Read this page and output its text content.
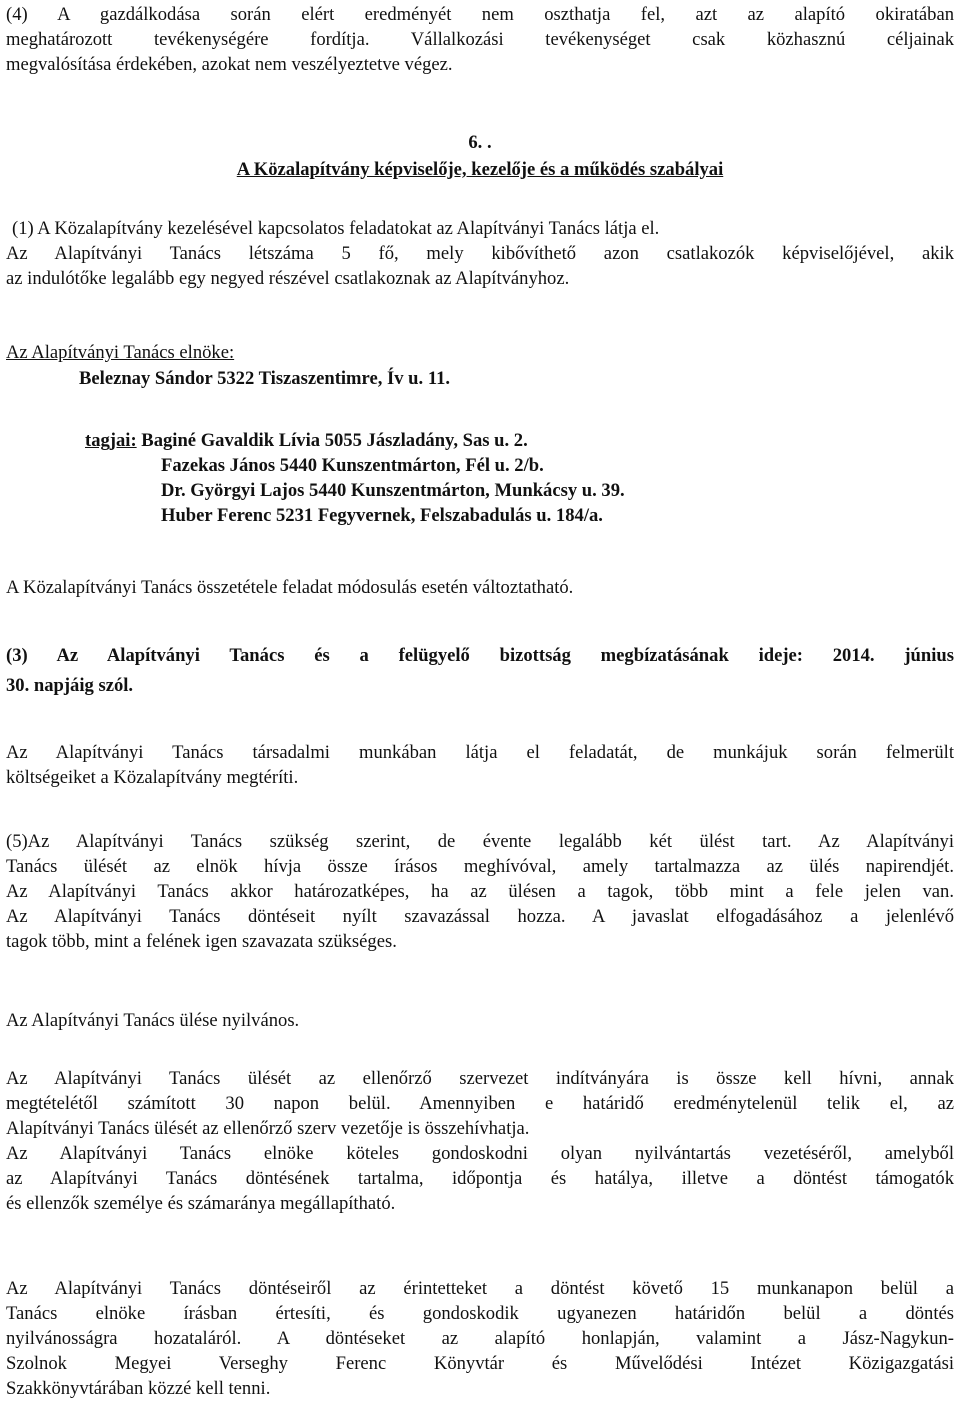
(4) A gazdálkodása során elért eredményét nem oszthatja fel, azt az alapító okiratában
meghatározott tevékenységére fordítja. Vállalkozási tevékenységet csak közhasznú céljainak
megvalósítása érdekében, azokat nem veszélyeztetve végez.
6. .
A Közalapítvány képviselője, kezelője és a működés szabályai
(1) A Közalapítvány kezelésével kapcsolatos feladatokat az Alapítványi Tanács látja el.
Az Alapítványi Tanács létszáma 5 fő, mely kibővíthető azon csatlakozók képviselőjével, akik
az indulótőke legalább egy negyed részével csatlakoznak az Alapítványhoz.
Az Alapítványi Tanács elnöke:
Beleznay Sándor 5322 Tiszaszentimre, Ív u. 11.
tagjai: Baginé Gavaldik Lívia 5055 Jászladány, Sas u. 2.
Fazekas János 5440 Kunszentmárton, Fél u. 2/b.
Dr. Györgyi Lajos 5440 Kunszentmárton, Munkácsy u. 39.
Huber Ferenc 5231 Fegyvernek, Felszabadulás u. 184/a.
A Közalapítványi Tanács összetétele feladat módosulás esetén változtatható.
(3) Az Alapítványi Tanács és a felügyelő bizottság megbízatásának ideje: 2014. június
30. napjáig szól.
Az Alapítványi Tanács társadalmi munkában látja el feladatát, de munkájuk során felmerült
költségeiket a Közalapítvány megtéríti.
(5)Az Alapítványi Tanács szükség szerint, de évente legalább két ülést tart. Az Alapítványi
Tanács ülését az elnök hívja össze írásos meghívóval, amely tartalmazza az ülés napirendjét.
Az Alapítványi Tanács akkor határozatképes, ha az ülésen a tagok, több mint a fele jelen van.
Az Alapítványi Tanács döntéseit nyílt szavazással hozza. A javaslat elfogadásához a jelenlévő
tagok több, mint a felének igen szavazata szükséges.
Az Alapítványi Tanács ülése nyilvános.
Az Alapítványi Tanács ülését az ellenőrző szervezet indítványára is össze kell hívni, annak
megtételétől számított 30 napon belül. Amennyiben e határidő eredménytelenül telik el, az
Alapítványi Tanács ülését az ellenőrző szerv vezetője is összehívhatja.
Az Alapítványi Tanács elnöke köteles gondoskodni olyan nyilvántartás vezetéséről, amelyből
az Alapítványi Tanács döntésének tartalma, időpontja és hatálya, illetve a döntést támogatók
és ellenzők személye és számaránya megállapítható.
Az Alapítványi Tanács döntéseiről az érintetteket a döntést követő 15 munkanapon belül a
Tanács elnöke írásban értesíti, és gondoskodik ugyanezen határidőn belül a döntés
nyilvánosságra hozataláról. A döntéseket az alapító honlapján, valamint a Jász-Nagykun-
Szolnok Megyei Verseghy Ferenc Könyvtár és Művelődési Intézet Közigazgatási
Szakkönyvtárában közzé kell tenni.
